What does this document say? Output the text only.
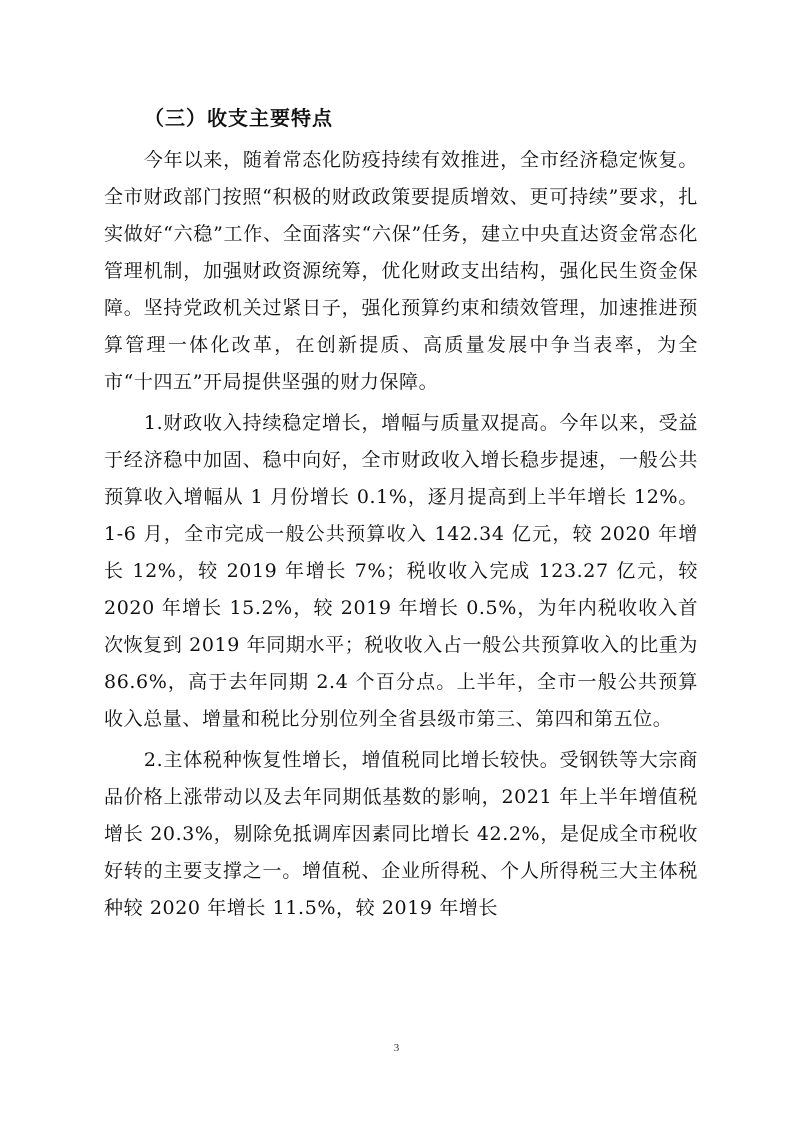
（三）收支主要特点

今年以来，随着常态化防疫持续有效推进，全市经济稳定恢复。全市财政部门按照“积极的财政政策要提质增效、更可持续”要求，扎实做好“六稳”工作、全面落实“六保”任务，建立中央直达资金常态化管理机制，加强财政资源统筹，优化财政支出结构，强化民生资金保障。坚持党政机关过紧日子，强化预算约束和绩效管理，加速推进预算管理一体化改革，在创新提质、高质量发展中争当表率，为全市“十四五”开局提供坚强的财力保障。

1.财政收入持续稳定增长，增幅与质量双提高。今年以来，受益于经济稳中加固、稳中向好，全市财政收入增长稳步提速，一般公共预算收入增幅从 1 月份增长 0.1%，逐月提高到上半年增长 12%。1-6 月，全市完成一般公共预算收入 142.34 亿元，较 2020 年增长 12%，较 2019 年增长 7%；税收收入完成 123.27 亿元，较 2020 年增长 15.2%，较 2019 年增长 0.5%，为年内税收收入首次恢复到 2019 年同期水平；税收收入占一般公共预算收入的比重为 86.6%，高于去年同期 2.4 个百分点。上半年，全市一般公共预算收入总量、增量和税比分别位列全省县级市第三、第四和第五位。

2.主体税种恢复性增长，增值税同比增长较快。受钢铁等大宗商品价格上涨带动以及去年同期低基数的影响，2021 年上半年增值税增长 20.3%，剔除免抵调库因素同比增长 42.2%，是促成全市税收好转的主要支撑之一。增值税、企业所得税、个人所得税三大主体税种较 2020 年增长 11.5%，较 2019 年增长

3
